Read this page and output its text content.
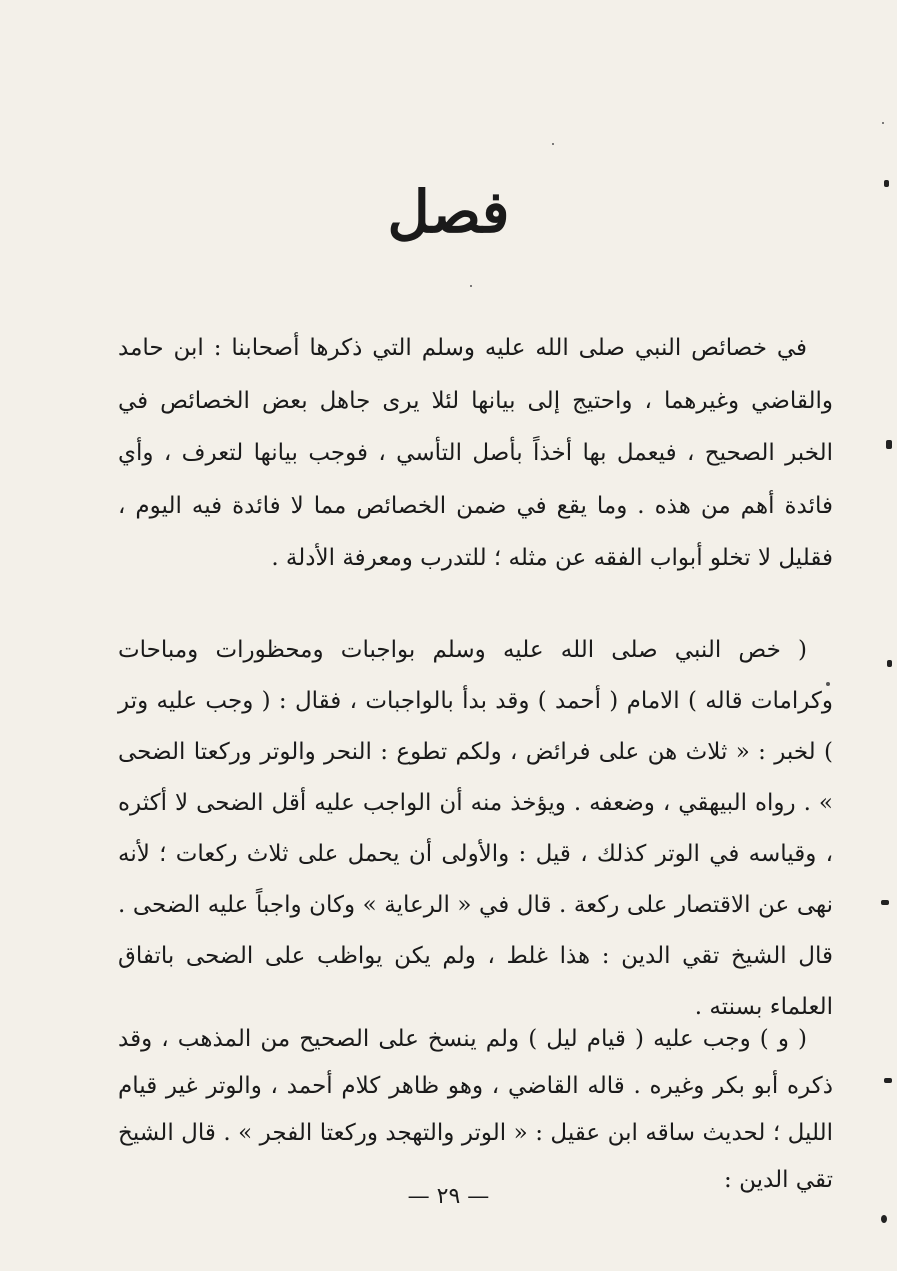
فصل

في خصائص النبي صلى الله عليه وسلم التي ذكرها أصحابنا : ابن حامد والقاضي وغيرهما ، واحتيج إلى بيانها لئلا يرى جاهل بعض الخصائص في الخبر الصحيح ، فيعمل بها أخذاً بأصل التأسي ، فوجب بيانها لتعرف ، وأي فائدة أهم من هذه . وما يقع في ضمن الخصائص مما لا فائدة فيه اليوم ، فقليل لا تخلو أبواب الفقه عن مثله ؛ للتدرب ومعرفة الأدلة .

( خص النبي صلى الله عليه وسلم بواجبات ومحظورات ومباحات وكرامات قاله ) الامام ( أحمد ) وقد بدأ بالواجبات ، فقال : ( وجب عليه وتر ) لخبر : « ثلاث هن على فرائض ، ولكم تطوع : النحر والوتر وركعتا الضحى » . رواه البيهقي ، وضعفه . ويؤخذ منه أن الواجب عليه أقل الضحى لا أكثره ، وقياسه في الوتر كذلك ، قيل : والأولى أن يحمل على ثلاث ركعات ؛ لأنه نهى عن الاقتصار على ركعة . قال في « الرعاية » وكان واجباً عليه الضحى . قال الشيخ تقي الدين : هذا غلط ، ولم يكن يواظب على الضحى باتفاق العلماء بسنته .

( و ) وجب عليه ( قيام ليل ) ولم ينسخ على الصحيح من المذهب ، وقد ذكره أبو بكر وغيره . قاله القاضي ، وهو ظاهر كلام أحمد ، والوتر غير قيام الليل ؛ لحديث ساقه ابن عقيل : « الوتر والتهجد وركعتا الفجر » . قال الشيخ تقي الدين :

— ٢٩ —
